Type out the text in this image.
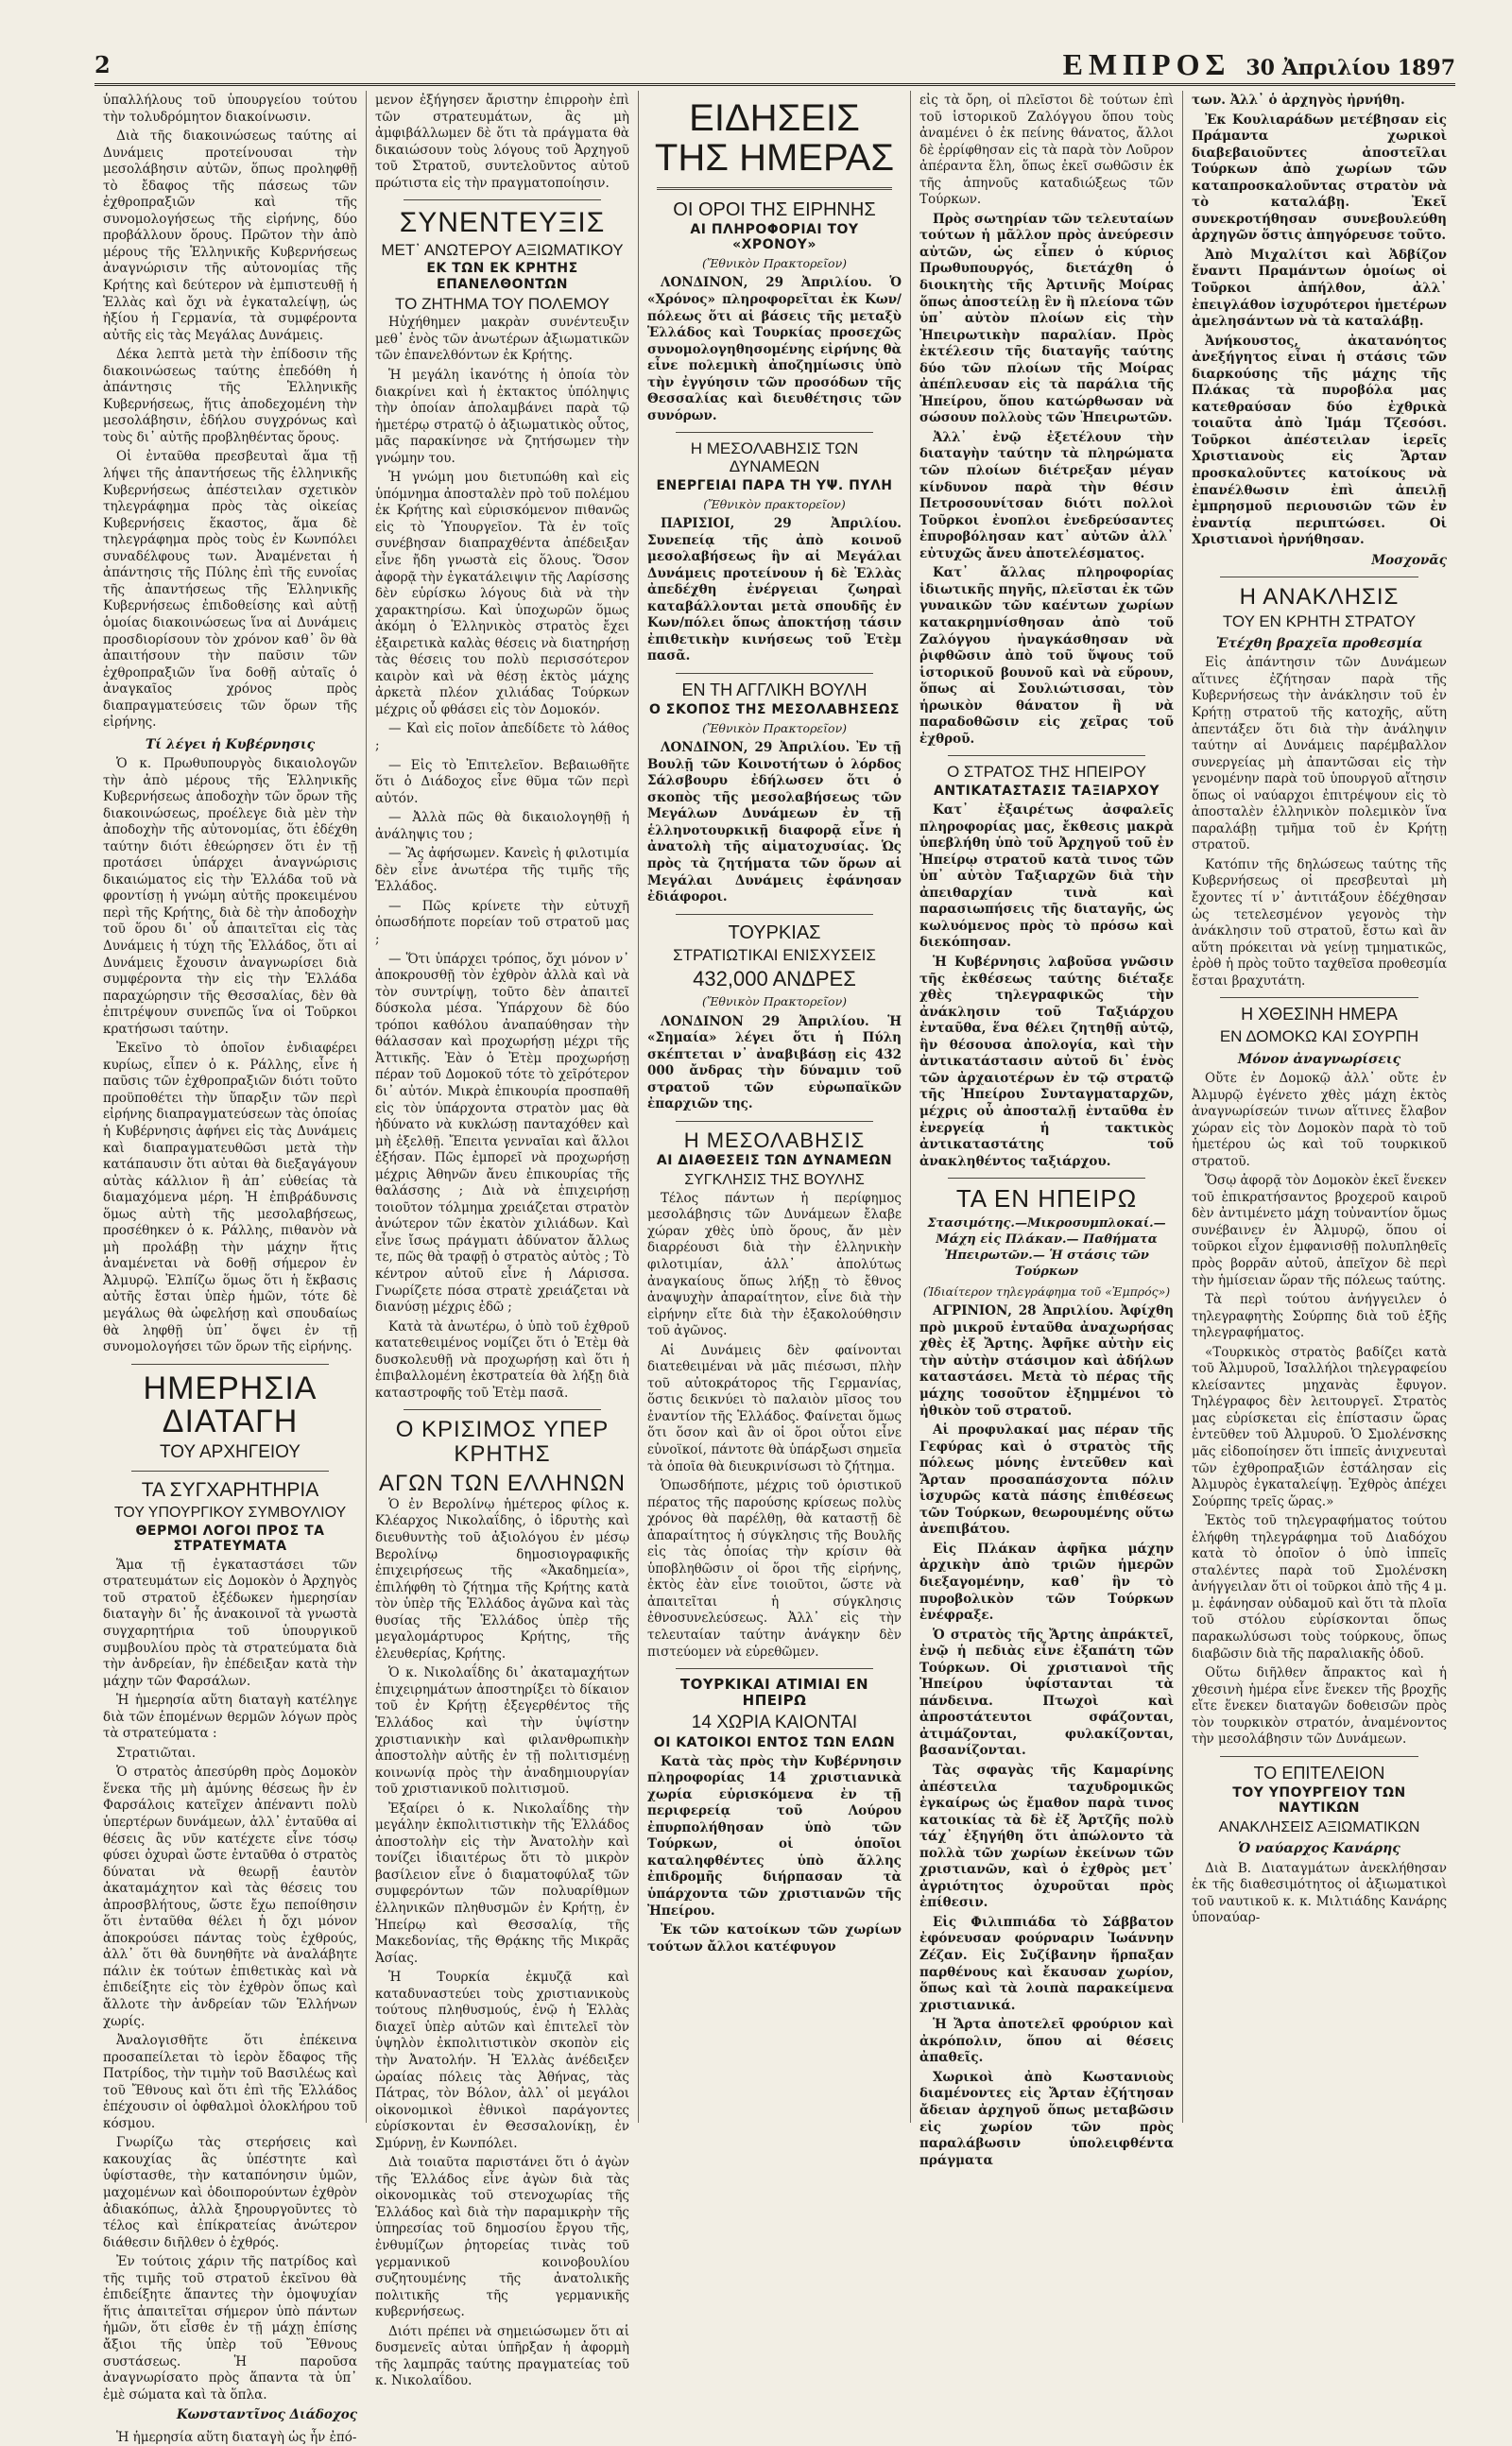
2	ΕΜΠΡΟΣ 30 Ἀπριλίου 1897

ὑπαλλήλους τοῦ ὑπουργείου τούτου τὴν τολυδρόμητον διακοίνωσιν.

Διὰ τῆς διακοινώσεως ταύτης αἱ Δυνάμεις προτείνουσαι τὴν μεσολάβησιν αὐτῶν, ὅπως προληφθῇ τὸ ἔδαφος τῆς πάσεως τῶν ἐχθροπραξιῶν καὶ τῆς συνομολογήσεως τῆς εἰρήνης, δύο προβάλλουν ὅρους. Πρῶτον τὴν ἀπὸ μέρους τῆς Ἑλληνικῆς Κυβερνήσεως ἀναγνώρισιν τῆς αὐτονομίας τῆς Κρήτης καὶ δεύτερον νὰ ἐμπιστευθῇ ἡ Ἑλλὰς καὶ ὄχι νὰ ἐγκαταλείψῃ, ὡς ἠξίου ἡ Γερμανία, τὰ συμφέροντα αὐτῆς εἰς τὰς Μεγάλας Δυνάμεις.

Δέκα λεπτὰ μετὰ τὴν ἐπίδοσιν τῆς διακοινώσεως ταύτης ἐπεδόθη ἡ ἀπάντησις τῆς Ἑλληνικῆς Κυβερνήσεως, ἥτις ἀποδεχομένη τὴν μεσολάβησιν, ἐδήλου συγχρόνως καὶ τοὺς δι᾿ αὐτῆς προβληθέντας ὅρους.

Οἱ ἐνταῦθα πρεσβευταὶ ἅμα τῇ λήψει τῆς ἀπαντήσεως τῆς ἑλληνικῆς Κυβερνήσεως ἀπέστειλαν σχετικὸν τηλεγράφημα πρὸς τὰς οἰκείας Κυβερνήσεις ἕκαστος, ἅμα δὲ τηλεγράφημα πρὸς τοὺς ἐν Κωνπόλει συναδέλφους των. Ἀναμένεται ἡ ἀπάντησις τῆς Πύλης ἐπὶ τῆς ευνοΐας τῆς ἀπαντήσεως τῆς Ἑλληνικῆς Κυβερνήσεως ἐπιδοθείσης καὶ αὐτῇ ὁμοίας διακοινώσεως ἵνα αἱ Δυνάμεις προσδιορίσουν τὸν χρόνον καθ᾿ ὃν θὰ ἀπαιτήσουν τὴν παῦσιν τῶν ἐχθροπραξιῶν ἵνα δοθῇ αὐταῖς ὁ ἀναγκαῖος χρόνος πρὸς διαπραγματεύσεις τῶν ὅρων τῆς εἰρήνης.

Τί λέγει ἡ Κυβέρνησις

Ὁ κ. Πρωθυπουργὸς δικαιολογῶν τὴν ἀπὸ μέρους τῆς Ἑλληνικῆς Κυβερνήσεως ἀποδοχὴν τῶν ὅρων τῆς διακοινώσεως, προέλεγε διὰ μὲν τὴν ἀποδοχὴν τῆς αὐτονομίας, ὅτι ἐδέχθη ταύτην διότι ἐθεώρησεν ὅτι ἐν τῇ προτάσει ὑπάρχει ἀναγνώρισις δικαιώματος εἰς τὴν Ἑλλάδα τοῦ νὰ φροντίσῃ ἡ γνώμη αὐτῆς προκειμένου περὶ τῆς Κρήτης, διὰ δὲ τὴν ἀποδοχὴν τοῦ ὅρου δι᾿ οὗ ἀπαιτεῖται εἰς τὰς Δυνάμεις ἡ τύχη τῆς Ἑλλάδος, ὅτι αἱ Δυνάμεις ἔχουσιν ἀναγνωρίσει διὰ συμφέροντα τὴν εἰς τὴν Ἑλλάδα παραχώρησιν τῆς Θεσσαλίας, δὲν θὰ ἐπιτρέψουν συνεπῶς ἵνα οἱ Τοῦρκοι κρατήσωσι ταύτην.

Ἐκεῖνο τὸ ὁποῖον ἐνδιαφέρει κυρίως, εἶπεν ὁ κ. Ράλλης, εἶνε ἡ παῦσις τῶν ἐχθροπραξιῶν διότι τοῦτο προϋποθέτει τὴν ὕπαρξιν τῶν περὶ εἰρήνης διαπραγματεύσεων τὰς ὁποίας ἡ Κυβέρνησις ἀφήνει εἰς τὰς Δυνάμεις καὶ διαπραγματευθῶσι μετὰ τὴν κατάπαυσιν ὅτι αὐται θὰ διεξαγάγουν αὐτὰς κάλλιον ἢ ἀπ᾿ εὐθείας τὰ διαμαχόμενα μέρη. Ἡ ἐπιβράδυνσις ὅμως αὐτὴ τῆς μεσολαβήσεως, προσέθηκεν ὁ κ. Ράλλης, πιθανὸν νὰ μὴ προλάβῃ τὴν μάχην ἥτις ἀναμένεται νὰ δοθῇ σήμερον ἐν Ἀλμυρῷ. Ἐλπίζω ὅμως ὅτι ἡ ἔκβασις αὐτῆς ἔσται ὑπὲρ ἡμῶν, τότε δὲ μεγάλως θὰ ὠφελήσῃ καὶ σπουδαίως θὰ ληφθῇ ὑπ᾿ ὄψει ἐν τῇ συνομολογήσει τῶν ὅρων τῆς εἰρήνης.

ΗΜΕΡΗΣΙΑ ΔΙΑΤΑΓΗ
ΤΟΥ ΑΡΧΗΓΕΙΟΥ
ΤΑ ΣΥΓΧΑΡΗΤΗΡΙΑ
ΤΟΥ ΥΠΟΥΡΓΙΚΟΥ ΣΥΜΒΟΥΛΙΟΥ
ΘΕΡΜΟΙ ΛΟΓΟΙ ΠΡΟΣ ΤΑ ΣΤΡΑΤΕΥΜΑΤΑ

Ἅμα τῇ ἐγκαταστάσει τῶν στρατευμάτων εἰς Δομοκὸν ὁ Ἀρχηγὸς τοῦ στρατοῦ ἐξέδωκεν ἡμερησίαν διαταγὴν δι᾿ ἧς ἀνακοινοῖ τὰ γνωστὰ συγχαρητήρια τοῦ ὑπουργικοῦ συμβουλίου πρὸς τὰ στρατεύματα διὰ τὴν ἀνδρείαν, ἣν ἐπέδειξαν κατὰ τὴν μάχην τῶν Φαρσάλων.

Ἡ ἡμερησία αὕτη διαταγὴ κατέληγε διὰ τῶν ἑπομένων θερμῶν λόγων πρὸς τὰ στρατεύματα :

Στρατιῶται.

Ὁ στρατὸς ἀπεσύρθη πρὸς Δομοκὸν ἕνεκα τῆς μὴ ἀμύνης θέσεως ἣν ἐν Φαρσάλοις κατεῖχεν ἀπέναντι πολὺ ὑπερτέρων δυνάμεων, ἀλλ᾿ ἐνταῦθα αἱ θέσεις ἂς νῦν κατέχετε εἶνε τόσῳ φύσει ὀχυραὶ ὥστε ἐνταῦθα ὁ στρατὸς δύναται νὰ θεωρῇ ἑαυτὸν ἀκαταμάχητον καὶ τὰς θέσεις του ἀπροσβλήτους, ὥστε ἔχω πεποίθησιν ὅτι ἐνταῦθα θέλει ἡ ὄχι μόνον ἀποκρούσει πάντας τοὺς ἐχθρούς, ἀλλ᾿ ὅτι θὰ δυνηθῆτε νὰ ἀναλάβητε πάλιν ἐκ τούτων ἐπιθετικὰς καὶ νὰ ἐπιδείξητε εἰς τὸν ἐχθρὸν ὅπως καὶ ἄλλοτε τὴν ἀνδρείαν τῶν Ἑλλήνων χωρίς.

Ἀναλογισθῆτε ὅτι ἐπέκεινα προσαπείλεται τὸ ἱερὸν ἔδαφος τῆς Πατρίδος, τὴν τιμὴν τοῦ Βασιλέως καὶ τοῦ Ἔθνους καὶ ὅτι ἐπὶ τῆς Ἑλλάδος ἐπέχουσιν οἱ ὀφθαλμοὶ ὁλοκλήρου τοῦ κόσμου.

Γνωρίζω τὰς στερήσεις καὶ κακουχίας ἃς ὑπέστητε καὶ ὑφίστασθε, τὴν καταπόνησιν ὑμῶν, μαχομένων καὶ ὁδοιπορούντων ἐχθρὸν ἀδιακόπως, ἀλλὰ ξηρουργοῦντες τὸ τέλος καὶ ἐπίκρατείας ἀνώτερον διάθεσιν διῆλθεν ὁ ἐχθρός.

Ἐν τούτοις χάριν τῆς πατρίδος καὶ τῆς τιμῆς τοῦ στρατοῦ ἐκεῖνου θὰ ἐπιδείξητε ἅπαντες τὴν ὁμοψυχίαν ἥτις ἀπαιτεῖται σήμερον ὑπὸ πάντων ἡμῶν, ὅτι εἶσθε ἐν τῇ μάχῃ ἐπίσης ἄξιοι τῆς ὑπὲρ τοῦ Ἔθνους συστάσεως. Ἡ παροῦσα ἀναγνωρίσατο πρὸς ἅπαντα τὰ ὑπ᾿ ἐμὲ σώματα καὶ τὰ ὅπλα.

Κωνσταντῖνος Διάδοχος

Ἡ ἡμερησία αὕτη διαταγὴ ὡς ἦν ἐπό-

μενον ἐξήγησεν ἄριστην ἐπιρροὴν ἐπὶ τῶν στρατευμάτων, ἂς μὴ ἀμφιβάλλωμεν δὲ ὅτι τὰ πράγματα θὰ δικαιώσουν τοὺς λόγους τοῦ Ἀρχηγοῦ τοῦ Στρατοῦ, συντελοῦντος αὐτοῦ πρώτιστα εἰς τὴν πραγματοποίησιν.

ΣΥΝΕΝΤΕΥΞΙΣ
ΜΕΤ᾿ ΑΝΩΤΕΡΟΥ ΑΞΙΩΜΑΤΙΚΟΥ
ΕΚ ΤΩΝ ΕΚ ΚΡΗΤΗΣ ΕΠΑΝΕΛΘΟΝΤΩΝ
ΤΟ ΖΗΤΗΜΑ ΤΟΥ ΠΟΛΕΜΟΥ

Ηὐχήθημεν μακρὰν συνέντευξιν μεθ᾿ ἑνὸς τῶν ἀνωτέρων ἀξιωματικῶν τῶν ἐπανελθόντων ἐκ Κρήτης.

Ἡ μεγάλη ἱκανότης ἡ ὁποία τὸν διακρίνει καὶ ἡ ἐκτακτος ὑπόληψις τὴν ὁποίαν ἀπολαμβάνει παρὰ τῷ ἡμετέρῳ στρατῷ ὁ ἀξιωματικὸς οὗτος, μᾶς παρακίνησε νὰ ζητήσωμεν τὴν γνώμην του.

Ἡ γνώμη μου διετυπώθη καὶ εἰς ὑπόμνημα ἀποσταλὲν πρὸ τοῦ πολέμου ἐκ Κρήτης καὶ εὑρισκόμενον πιθανῶς εἰς τὸ Ὑπουργεῖον. Τὰ ἐν τοῖς συνέβησαν διαπραχθέντα ἀπέδειξαν εἶνε ἤδη γνωστὰ εἰς ὅλους. Ὅσον ἀφορᾷ τὴν ἐγκατάλειψιν τῆς Λαρίσσης δὲν εὑρίσκω λόγους διὰ νὰ τὴν χαρακτηρίσω. Καὶ ὑποχωρῶν ὅμως ἀκόμη ὁ Ἑλληνικὸς στρατὸς ἔχει ἐξαιρετικὰ καλὰς θέσεις νὰ διατηρήσῃ τὰς θέσεις του πολὺ περισσότερον καιρὸν καὶ νὰ θέσῃ ἐκτὸς μάχης ἀρκετὰ πλέον χιλιάδας Τούρκων μέχρις οὗ φθάσει εἰς τὸν Δομοκόν.

— Καὶ εἰς ποῖον ἀπεδίδετε τὸ λάθος ;

— Εἰς τὸ Ἐπιτελεῖον. Βεβαιωθῆτε ὅτι ὁ Διάδοχος εἶνε θῦμα τῶν περὶ αὐτόν.

— Ἀλλὰ πῶς θὰ δικαιολογηθῇ ἡ ἀνάληψις του ;

— Ἂς ἀφήσωμεν. Κανεὶς ἡ φιλοτιμία δὲν εἶνε ἀνωτέρα τῆς τιμῆς τῆς Ἑλλάδος.

— Πῶς κρίνετε τὴν εὐτυχῆ ὁπωσδήποτε πορείαν τοῦ στρατοῦ μας ;

— Ὅτι ὑπάρχει τρόπος, ὄχι μόνον ν᾿ ἀποκρουσθῇ τὸν ἐχθρὸν ἀλλὰ καὶ νὰ τὸν συντρίψῃ, τοῦτο δὲν ἀπαιτεῖ δύσκολα μέσα. Ὑπάρχουν δὲ δύο τρόποι καθόλου ἀναπαύθησαν τὴν θάλασσαν καὶ προχωρήσῃ μέχρι τῆς Ἀττικῆς. Ἐὰν ὁ Ἐτὲμ προχωρήσῃ πέραν τοῦ Δομοκοῦ τότε τὸ χεῖρότερον δι᾿ αὐτόν. Μικρὰ ἐπικουρία προσπαθῆ εἰς τὸν ὑπάρχοντα στρατὸν μας θὰ ἠδύνατο νὰ κυκλώσῃ πανταχόθεν καὶ μὴ ἐξελθῇ. Ἔπειτα γενναῖαι καὶ ἄλλοι ἐξήσαν. Πῶς ἐμπορεῖ νὰ προχωρήσῃ μέχρις Ἀθηνῶν ἄνευ ἐπικουρίας τῆς θαλάσσης ; Διὰ νὰ ἐπιχειρήσῃ τοιοῦτον τόλμημα χρειάζεται στρατὸν ἀνώτερον τῶν ἑκατὸν χιλιάδων. Καὶ εἶνε ἴσως πράγματι ἀδύνατον ἄλλως τε, πῶς θὰ τραφῇ ὁ στρατὸς αὐτὸς ; Τὸ κέντρον αὐτοῦ εἶνε ἡ Λάρισσα. Γνωρίζετε πόσα στρατὲ χρειάζεται νὰ διανύσῃ μέχρις ἐδῶ ;

Κατὰ τὰ ἀνωτέρω, ὁ ὑπὸ τοῦ ἐχθροῦ κατατεθειμένος νομίζει ὅτι ὁ Ἐτὲμ θὰ δυσκολευθῇ νὰ προχωρήσῃ καὶ ὅτι ἡ ἐπιβαλλομένη ἐκστρατεία θὰ λήξῃ διὰ καταστροφῆς τοῦ Ἐτὲμ πασᾶ.

Ο ΚΡΙΣΙΜΟΣ ΥΠΕΡ ΚΡΗΤΗΣ
ΑΓΩΝ ΤΩΝ ΕΛΛΗΝΩΝ

Ὁ ἐν Βερολίνῳ ἡμέτερος φίλος κ. Κλέαρχος Νικολαΐδης, ὁ ἱδρυτὴς καὶ διευθυντὴς τοῦ ἀξιολόγου ἐν μέσῳ Βερολίνῳ δημοσιογραφικῆς ἐπιχειρήσεως τῆς «Ἀκαδημεία», ἐπιλήφθη τὸ ζήτημα τῆς Κρήτης κατὰ τὸν ὑπὲρ τῆς Ἑλλάδος ἀγῶνα καὶ τὰς θυσίας τῆς Ἑλλάδος ὑπὲρ τῆς μεγαλομάρτυρος Κρήτης, τῆς ἐλευθερίας, Κρήτης.

Ὁ κ. Νικολαΐδης δι᾿ ἀκαταμαχήτων ἐπιχειρημάτων ἀποστηρίξει τὸ δίκαιον τοῦ ἐν Κρήτῃ ἐξεγερθέντος τῆς Ἑλλάδος καὶ τὴν ὑψίστην χριστιανικὴν καὶ φιλανθρωπικὴν ἀποστολὴν αὐτῆς ἐν τῇ πολιτισμένῃ κοινωνίᾳ πρὸς τὴν ἀναδημιουργίαν τοῦ χριστιανικοῦ πολιτισμοῦ.

Ἐξαίρει ὁ κ. Νικολαΐδης τὴν μεγάλην ἐκπολιτιστικὴν τῆς Ἑλλάδος ἀποστολὴν εἰς τὴν Ἀνατολὴν καὶ τονίζει ἰδιαιτέρως ὅτι τὸ μικρὸν βασίλειον εἶνε ὁ διαματοφύλαξ τῶν συμφερόντων τῶν πολυαρίθμων ἑλληνικῶν πληθυσμῶν ἐν Κρήτῃ, ἐν Ἠπείρῳ καὶ Θεσσαλίᾳ, τῆς Μακεδονίας, τῆς Θρᾴκης τῆς Μικρᾶς Ἀσίας.

Ἡ Τουρκία ἐκμυζᾷ καὶ καταδυναστεύει τοὺς χριστιανικοὺς τούτους πληθυσμούς, ἐνῷ ἡ Ἑλλὰς διαχεῖ ὑπὲρ αὐτῶν καὶ ἐπιτελεῖ τὸν ὑψηλὸν ἐκπολιτιστικὸν σκοπὸν εἰς τὴν Ἀνατολήν. Ἡ Ἑλλὰς ἀνέδειξεν ὡραίας πόλεις τὰς Ἀθήνας, τὰς Πάτρας, τὸν Βόλον, ἀλλ᾿ οἱ μεγάλοι οἰκονομικοὶ ἐθνικοὶ παράγοντες εὑρίσκονται ἐν Θεσσαλονίκῃ, ἐν Σμύρνῃ, ἐν Κωνπόλει.

Διὰ τοιαῦτα παριστάνει ὅτι ὁ ἀγὼν τῆς Ἑλλάδος εἶνε ἀγὼν διὰ τὰς οἰκονομικὰς τοῦ στενοχωρίας τῆς Ἑλλάδος καὶ διὰ τὴν παραμικρὴν τῆς ὑπηρεσίας τοῦ δημοσίου ἔργου τῆς, ἐνθυμίζων ῥητορείας τινὰς τοῦ γερμανικοῦ κοινοβουλίου συζητουμένης τῆς ἀνατολικῆς πολιτικῆς τῆς γερμανικῆς κυβερνήσεως.

Διότι πρέπει νὰ σημειώσωμεν ὅτι αἱ δυσμενεῖς αὐται ὑπῆρξαν ἡ ἀφορμὴ τῆς λαμπρᾶς ταύτης πραγματείας τοῦ κ. Νικολαΐδου.

ΕΙΔΗΣΕΙΣ ΤΗΣ ΗΜΕΡΑΣ
ΟΙ ΟΡΟΙ ΤΗΣ ΕΙΡΗΝΗΣ
ΑΙ ΠΛΗΡΟΦΟΡΙΑΙ ΤΟΥ «ΧΡΟΝΟΥ»
(Ἔθνικὸν Πρακτορεῖον)

ΛΟΝΔΙΝΟΝ, 29 Ἀπριλίου. Ὁ «Χρόνος» πληροφορεῖται ἐκ Κων/πόλεως ὅτι αἱ βάσεις τῆς μεταξὺ Ἑλλάδος καὶ Τουρκίας προσεχῶς συνομολογηθησομένης εἰρήνης θὰ εἶνε πολεμικὴ ἀποζημίωσις ὑπὸ τὴν ἐγγύησιν τῶν προσόδων τῆς Θεσσαλίας καὶ διευθέτησις τῶν συνόρων.

Η ΜΕΣΟΛΑΒΗΣΙΣ ΤΩΝ ΔΥΝΑΜΕΩΝ
ΕΝΕΡΓΕΙΑΙ ΠΑΡΑ ΤΗ ΥΨ. ΠΥΛΗ
(Ἔθνικὸν πρακτορεῖον)

ΠΑΡΙΣΙΟΙ, 29 Ἀπριλίου. Συνεπείᾳ τῆς ἀπὸ κοινοῦ μεσολαβήσεως ἣν αἱ Μεγάλαι Δυνάμεις προτείνουν ἡ δὲ Ἑλλὰς ἀπεδέχθη ἐνέργειαι ζωηραὶ καταβάλλονται μετὰ σπουδῆς ἐν Κων/πόλει ὅπως ἀποκτήσῃ τάσιν ἐπιθετικὴν κινήσεως τοῦ Ἐτὲμ πασᾶ.

ΕΝ ΤΗ ΑΓΓΛΙΚΗ ΒΟΥΛΗ
Ο ΣΚΟΠΟΣ ΤΗΣ ΜΕΣΟΛΑΒΗΣΕΩΣ
(Ἔθνικὸν Πρακτορεῖον)

ΛΟΝΔΙΝΟΝ, 29 Ἀπριλίου. Ἐν τῇ Βουλῇ τῶν Κοινοτήτων ὁ λόρδος Σάλσβουρυ ἐδήλωσεν ὅτι ὁ σκοπὸς τῆς μεσολαβήσεως τῶν Μεγάλων Δυνάμεων ἐν τῇ ἑλληνοτουρκικῇ διαφορᾷ εἶνε ἡ ἀνατολὴ τῆς αἱματοχυσίας. Ὡς πρὸς τὰ ζητήματα τῶν ὅρων αἱ Μεγάλαι Δυνάμεις ἐφάνησαν ἐδιάφοροι.

ΤΟΥΡΚΙΑΣ
ΣΤΡΑΤΙΩΤΙΚΑΙ ΕΝΙΣΧΥΣΕΙΣ
432,000 ΑΝΔΡΕΣ
(Ἔθνικὸν Πρακτορεῖον)

ΛΟΝΔΙΝΟΝ 29 Ἀπριλίου. Ἡ «Σημαία» λέγει ὅτι ἡ Πύλη σκέπτεται ν᾿ ἀναβιβάσῃ εἰς 432 000 ἄνδρας τὴν δύναμιν τοῦ στρατοῦ τῶν εὐρωπαϊκῶν ἐπαρχιῶν της.

Η ΜΕΣΟΛΑΒΗΣΙΣ
ΑΙ ΔΙΑΘΕΣΕΙΣ ΤΩΝ ΔΥΝΑΜΕΩΝ
ΣΥΓΚΛΗΣΙΣ ΤΗΣ ΒΟΥΛΗΣ

Τέλος πάντων ἡ περίφημος μεσολάβησις τῶν Δυνάμεων ἔλαβε χώραν χθὲς ὑπὸ ὅρους, ἄν μὲν διαρρέουσι διὰ τὴν ἑλληνικὴν φιλοτιμίαν, ἀλλ᾿ ἀπολύτως ἀναγκαίους ὅπως λήξῃ τὸ ἔθνος ἀναψυχὴν ἀπαραίτητον, εἶνε διὰ τὴν εἰρήνην εἴτε διὰ τὴν ἐξακολούθησιν τοῦ ἀγῶνος.

Αἱ Δυνάμεις δὲν φαίνονται διατεθειμέναι νὰ μᾶς πιέσωσι, πλὴν τοῦ αὐτοκράτορος τῆς Γερμανίας, ὅστις δεικνύει τὸ παλαιὸν μῖσος του ἐναντίον τῆς Ἑλλάδος. Φαίνεται ὅμως ὅτι ὅσον καὶ ἂν οἱ ὅροι οὗτοι εἶνε εὐνοϊκοί, πάντοτε θὰ ὑπάρξωσι σημεῖα τὰ ὁποῖα θὰ διευκρινίσωσι τὸ ζήτημα.

Ὁπωσδήποτε, μέχρις τοῦ ὁριστικοῦ πέρατος τῆς παρούσης κρίσεως πολὺς χρόνος θὰ παρέλθῃ, θὰ καταστῇ δὲ ἀπαραίτητος ἡ σύγκλησις τῆς Βουλῆς εἰς τὰς ὁποίας τὴν κρίσιν θὰ ὑποβληθῶσιν οἱ ὅροι τῆς εἰρήνης, ἐκτὸς ἐὰν εἶνε τοιοῦτοι, ὥστε νὰ ἀπαιτεῖται ἡ σύγκλησις ἐθνοσυνελεύσεως. Ἀλλ᾿ εἰς τὴν τελευταίαν ταύτην ἀνάγκην δὲν πιστεύομεν νὰ εὑρεθῶμεν.

ΤΟΥΡΚΙΚΑΙ ΑΤΙΜΙΑΙ ΕΝ ΗΠΕΙΡΩ
14 ΧΩΡΙΑ ΚΑΙΟΝΤΑΙ
ΟΙ ΚΑΤΟΙΚΟΙ ΕΝΤΟΣ ΤΩΝ ΕΛΩΝ

Κατὰ τὰς πρὸς τὴν Κυβέρνησιν πληροφορίας 14 χριστιανικὰ χωρία εὑρισκόμενα ἐν τῇ περιφερείᾳ τοῦ Λούρου ἐπυρπολήθησαν ὑπὸ τῶν Τούρκων, οἱ ὁποῖοι καταληφθέντες ὑπὸ ἄλλης ἐπιδρομῆς διήρπασαν τὰ ὑπάρχοντα τῶν χριστιανῶν τῆς Ἠπείρου.

Ἐκ τῶν κατοίκων τῶν χωρίων τούτων ἄλλοι κατέφυγον

εἰς τὰ ὄρη, οἱ πλεῖστοι δὲ τούτων ἐπὶ τοῦ ἱστορικοῦ Ζαλόγγου ὅπου τοὺς ἀναμένει ὁ ἐκ πείνης θάνατος, ἄλλοι δὲ ἐρρίφθησαν εἰς τὰ παρὰ τὸν Λοῦρον ἀπέραντα ἕλη, ὅπως ἐκεῖ σωθῶσιν ἐκ τῆς ἀπηνοῦς καταδιώξεως τῶν Τούρκων.

Πρὸς σωτηρίαν τῶν τελευταίων τούτων ἡ μᾶλλον πρὸς ἀνεύρεσιν αὐτῶν, ὡς εἶπεν ὁ κύριος Πρωθυπουργός, διετάχθη ὁ διοικητὴς τῆς Ἀρτινῆς Μοίρας ὅπως ἀποστείλῃ ἓν ἢ πλείονα τῶν ὑπ᾿ αὐτὸν πλοίων εἰς τὴν Ἠπειρωτικὴν παραλίαν. Πρὸς ἐκτέλεσιν τῆς διαταγῆς ταύτης δύο τῶν πλοίων τῆς Μοίρας ἀπέπλευσαν εἰς τὰ παράλια τῆς Ἠπείρου, ὅπου κατώρθωσαν νὰ σώσουν πολλοὺς τῶν Ἠπειρωτῶν.

Ἀλλ᾿ ἐνῷ ἐξετέλουν τὴν διαταγὴν ταύτην τὰ πληρώματα τῶν πλοίων διέτρεξαν μέγαν κίνδυνον παρὰ τὴν θέσιν Πετροσουνίτσαν διότι πολλοὶ Τοῦρκοι ἐνοπλοι ἐνεδρεύσαντες ἐπυροβόλησαν κατ᾿ αὐτῶν ἀλλ᾿ εὐτυχῶς ἄνευ ἀποτελέσματος.

Κατ᾿ ἄλλας πληροφορίας ἰδιωτικῆς πηγῆς, πλεῖσται ἐκ τῶν γυναικῶν τῶν καέντων χωρίων κατακρημνίσθησαν ἀπὸ τοῦ Ζαλόγγου ἠναγκάσθησαν νὰ ῥιφθῶσιν ἀπὸ τοῦ ὕψους τοῦ ἱστορικοῦ βουνοῦ καὶ νὰ εὕρουν, ὅπως αἱ Σουλιώτισσαι, τὸν ἡρωικὸν θάνατον ἢ νὰ παραδοθῶσιν εἰς χεῖρας τοῦ ἐχθροῦ.

Ο ΣΤΡΑΤΟΣ ΤΗΣ ΗΠΕΙΡΟΥ
ΑΝΤΙΚΑΤΑΣΤΑΣΙΣ ΤΑΞΙΑΡΧΟΥ

Κατ᾿ ἐξαιρέτως ἀσφαλεῖς πληροφορίας μας, ἔκθεσις μακρὰ ὑπεβλήθη ὑπὸ τοῦ Ἀρχηγοῦ τοῦ ἐν Ἠπείρῳ στρατοῦ κατὰ τινος τῶν ὑπ᾿ αὐτὸν Ταξιαρχῶν διὰ τὴν ἀπειθαρχίαν τινὰ καὶ παρασιωπήσεις τῆς διαταγῆς, ὡς κωλυόμενος πρὸς τὸ πρόσω καὶ διεκόπησαν.

Ἡ Κυβέρνησις λαβοῦσα γνῶσιν τῆς ἐκθέσεως ταύτης διέταξε χθὲς τηλεγραφικῶς τὴν ἀνάκλησιν τοῦ Ταξιάρχου ἐνταῦθα, ἕνα θέλει ζητηθῇ αὐτῷ, ἣν θέσουσα ἀπολογία, καὶ τὴν ἀντικατάστασιν αὐτοῦ δι᾿ ἑνὸς τῶν ἀρχαιοτέρων ἐν τῷ στρατῷ τῆς Ἠπείρου Συνταγματαρχῶν, μέχρις οὗ ἀποσταλῇ ἐνταῦθα ἐν ἐνεργείᾳ ἡ τακτικὸς ἀντικαταστάτης τοῦ ἀνακληθέντος ταξιάρχου.

ΤΑ ΕΝ ΗΠΕΙΡΩ
Στασιμότης.—Μικροσυμπλοκαί.— Μάχη εἰς Πλάκαν.— Παθήματα Ἠπειρωτῶν.— Ἡ στάσις τῶν Τούρκων
(Ἰδιαίτερον τηλεγράφημα τοῦ «Ἐμπρός»)

ΑΓΡΙΝΙΟΝ, 28 Ἀπριλίου. Ἀφίχθη πρὸ μικροῦ ἐνταῦθα ἀναχωρήσας χθὲς ἐξ Ἄρτης. Ἀφῆκε αὐτὴν εἰς τὴν αὐτὴν στάσιμον καὶ ἀδήλων καταστάσει. Μετὰ τὸ πέρας τῆς μάχης τοσοῦτον ἐξημμένοι τὸ ἠθικὸν τοῦ στρατοῦ.

Αἱ προφυλακαί μας πέραν τῆς Γεφύρας καὶ ὁ στρατὸς τῆς πόλεως μόνης ἐντεῦθεν καὶ Ἄρταν προσαπάσχοντα πόλιν ἰσχυρῶς κατὰ πάσης ἐπιθέσεως τῶν Τούρκων, θεωρουμένης οὕτω ἀνεπιβάτου.

Εἰς Πλάκαν ἀφῆκα μάχην ἀρχικὴν ἀπὸ τριῶν ἡμερῶν διεξαγομένην, καθ᾿ ἣν τὸ πυροβολικὸν τῶν Τούρκων ἐνέφραξε.

Ὁ στρατὸς τῆς Ἄρτης ἀπράκτεῖ, ἐνῷ ἡ πεδιὰς εἶνε ἐξαπάτη τῶν Τούρκων. Οἱ χριστιανοὶ τῆς Ἠπείρου ὑφίστανται τὰ πάνδεινα. Πτωχοὶ καὶ ἀπροστάτευτοι σφάζονται, ἀτιμάζονται, φυλακίζονται, βασανίζονται.

Τὰς σφαγὰς τῆς Καμαρίνης ἀπέστειλα ταχυδρομικῶς ἐγκαίρως ὡς ἔμαθον παρὰ τινος κατοικίας τὰ δὲ ἐξ Ἀρτζῆς πολὺ τάχ᾿ ἐξηγήθη ὅτι ἀπώλοντο τὰ πολλὰ τῶν χωρίων ἐκείνων τῶν χριστιανῶν, καὶ ὁ ἐχθρὸς μετ᾿ ἀγριότητος ὀχυροῦται πρὸς ἐπίθεσιν.

Εἰς Φιλιππιάδα τὸ Σάββατον ἐφόνευσαν φούρναριν Ἰωάννην Ζέζαν. Εἰς Συζίβανην ἥρπαξαν παρθένους καὶ ἔκαυσαν χωρίον, ὅπως καὶ τὰ λοιπὰ παρακείμενα χριστιανικά.

Ἡ Ἄρτα ἀποτελεῖ φρούριον καὶ ἀκρόπολιν, ὅπου αἱ θέσεις ἀπαθεῖς.

Χωρικοὶ ἀπὸ Κωστανιοὺς διαμένοντες εἰς Ἄρταν ἐζήτησαν ἄδειαν ἀρχηγοῦ ὅπως μεταβῶσιν εἰς χωρίον τῶν πρὸς παραλάβωσιν ὑπολειφθέντα πράγματα

των. Ἀλλ᾿ ὁ ἀρχηγὸς ἠρνήθη.

Ἐκ Κουλιαράδων μετέβησαν εἰς Πράμαντα χωρικοὶ διαβεβαιοῦντες ἀποστεῖλαι Τούρκων ἀπὸ χωρίων τῶν καταπροσκαλοῦντας στρατὸν νὰ τὸ καταλάβῃ. Ἐκεῖ συνεκροτήθησαν συνεβουλεύθη ἀρχηγῶν ὅστις ἀπηγόρευσε τοῦτο.

Ἀπὸ Μιχαλίτσι καὶ Ἀδβίζον ἔναντι Πραμάντων ὁμοίως οἱ Τοῦρκοι ἀπήλθον, ἀλλ᾿ ἐπειγλάθον ἰσχυρότεροι ἡμετέρων ἀμελησάντων νὰ τὰ καταλάβῃ.

Ἀνήκουστος, ἀκατανόητος ἀνεξήγητος εἶναι ἡ στάσις τῶν διαρκούσης τῆς μάχης τῆς Πλάκας τὰ πυροβόλα μας κατεθραύσαν δύο ἐχθρικὰ τοιαῦτα ἀπὸ Ἰμάμ Τζεσόσι. Τοῦρκοι ἀπέστειλαν ἱερεῖς Χριστιανοὺς εἰς Ἄρταν προσκαλοῦντες κατοίκους νὰ ἐπανέλθωσιν ἐπὶ ἀπειλῇ ἐμπρησμοῦ περιουσιῶν τῶν ἐν ἐναντίᾳ περιπτώσει. Οἱ Χριστιανοὶ ἠρνήθησαν.

Μοσχονᾶς
Η ΑΝΑΚΛΗΣΙΣ
ΤΟΥ ΕΝ ΚΡΗΤΗ ΣΤΡΑΤΟΥ
Ἐτέχθη βραχεῖα προθεσμία

Εἰς ἀπάντησιν τῶν Δυνάμεων αἵτινες ἐζήτησαν παρὰ τῆς Κυβερνήσεως τὴν ἀνάκλησιν τοῦ ἐν Κρήτῃ στρατοῦ τῆς κατοχῆς, αὕτη ἀπεντάξεν ὅτι διὰ τὴν ἀνάληψιν ταύτην αἱ Δυνάμεις παρέμβαλλον συνεργείας μὴ ἀπαντῶσαι εἰς τὴν γενομένην παρὰ τοῦ ὑπουργοῦ αἴτησιν ὅπως οἱ ναύαρχοι ἐπιτρέψουν εἰς τὸ ἀποσταλὲν ἑλληνικὸν πολεμικὸν ἵνα παραλάβῃ τμῆμα τοῦ ἐν Κρήτῃ στρατοῦ.

Κατόπιν τῆς δηλώσεως ταύτης τῆς Κυβερνήσεως οἱ πρεσβευταὶ μὴ ἔχοντες τί ν᾿ ἀντιτάξουν ἐδέχθησαν ὡς τετελεσμένον γεγονὸς τὴν ἀνάκλησιν τοῦ στρατοῦ, ἔστω καὶ ἂν αὕτη πρόκειται νὰ γείνῃ τμηματικῶς, ἐρὸθ ἡ πρὸς τοῦτο ταχθεῖσα προθεσμία ἔσται βραχυτάτη.

Η ΧΘΕΣΙΝΗ ΗΜΕΡΑ
ΕΝ ΔΟΜΟΚΩ ΚΑΙ ΣΟΥΡΠΗ
Μόνον ἀναγνωρίσεις

Οὔτε ἐν Δομοκῷ ἀλλ᾿ οὔτε ἐν Ἀλμυρῷ ἐγένετο χθὲς μάχη ἐκτὸς ἀναγνωρίσεών τινων αἵτινες ἔλαβον χώραν εἰς τὸν Δομοκὸν παρὰ τὸ τοῦ ἡμετέρου ὡς καὶ τοῦ τουρκικοῦ στρατοῦ.

Ὅσῳ ἀφορᾷ τὸν Δομοκὸν ἐκεῖ ἕνεκεν τοῦ ἐπικρατήσαντος βροχεροῦ καιροῦ δὲν ἀντιμένετο μάχη τοὐναντίον ὅμως συνέβαινεν ἐν Ἀλμυρῷ, ὅπου οἱ τοῦρκοι εἶχον ἐμφανισθῇ πολυπληθεῖς πρὸς βορρᾶν αὐτοῦ, ἀπεῖχον δὲ περὶ τὴν ἡμίσειαν ὥραν τῆς πόλεως ταύτης.

Τὰ περὶ τούτου ἀνήγγειλεν ὁ τηλεγραφητὴς Σούρπης διὰ τοῦ ἑξῆς τηλεγραφήματος.

«Τουρκικὸς στρατὸς βαδίζει κατὰ τοῦ Ἀλμυροῦ, Ἰσαλλήλοι τηλεγραφείου κλείσαντες μηχανὰς ἔφυγον. Τηλέγραφος δὲν λειτουργεῖ. Στρατὸς μας εὑρίσκεται εἰς ἐπίστασιν ὥρας ἐντεῦθεν τοῦ Ἀλμυροῦ. Ὁ Σμολένσκης μᾶς εἰδοποίησεν ὅτι ἱππεῖς ἀνιχνευταὶ τῶν ἐχθροπραξιῶν ἐστάλησαν εἰς Ἀλμυρὸς ἐγκαταλείψῃ. Ἐχθρὸς ἀπέχει Σούρπης τρεῖς ὥρας.»

Ἐκτὸς τοῦ τηλεγραφήματος τούτου ἐλήφθη τηλεγράφημα τοῦ Διαδόχου κατὰ τὸ ὁποῖον ὁ ὑπὸ ἱππεῖς σταλέντες παρὰ τοῦ Σμολένσκη ἀνήγγειλαν ὅτι οἱ τοῦρκοι ἀπὸ τῆς 4 μ. μ. ἐφάνησαν οὐδαμοῦ καὶ ὅτι τὰ πλοῖα τοῦ στόλου εὑρίσκονται ὅπως παρακωλύσωσι τοὺς τούρκους, ὅπως διαβῶσιν διὰ τῆς παραλιακῆς ὁδοῦ.

Οὕτω διῆλθεν ἄπρακτος καὶ ἡ χθεσινὴ ἡμέρα εἶνε ἕνεκεν τῆς βροχῆς εἴτε ἕνεκεν διαταγῶν δοθεισῶν πρὸς τὸν τουρκικὸν στρατόν, ἀναμένοντος τὴν μεσολάβησιν τῶν Δυνάμεων.

ΤΟ ΕΠΙΤΕΛΕΙΟΝ
ΤΟΥ ΥΠΟΥΡΓΕΙΟΥ ΤΩΝ ΝΑΥΤΙΚΩΝ
ΑΝΑΚΛΗΣΕΙΣ ΑΞΙΩΜΑΤΙΚΩΝ
Ὁ ναύαρχος Κανάρης

Διὰ Β. Διαταγμάτων ἀνεκλήθησαν ἐκ τῆς διαθεσιμότητος οἱ ἀξιωματικοὶ τοῦ ναυτικοῦ κ. κ. Μιλτιάδης Κανάρης ὑποναύαρ-
